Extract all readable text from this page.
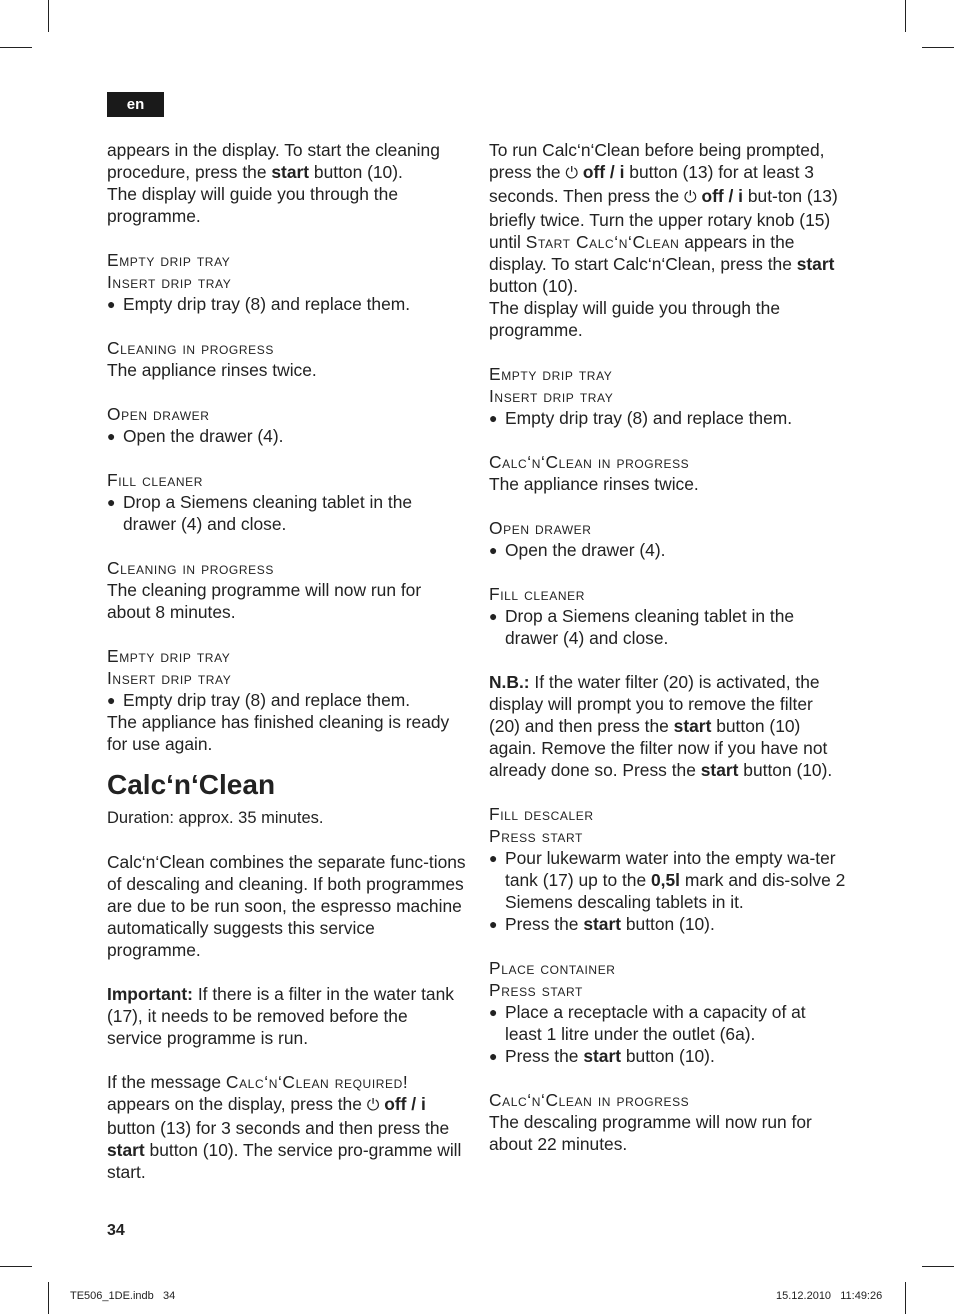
en

appears in the display. To start the cleaning procedure, press the start button (10).

The display will guide you through the programme.

Empty drip tray

Insert drip tray

● Empty drip tray (8) and replace them.

Cleaning in progress

The appliance rinses twice.

Open drawer

● Open the drawer (4).

Fill cleaner

● Drop a Siemens cleaning tablet in the drawer (4) and close.

Cleaning in progress

The cleaning programme will now run for about 8 minutes.

Empty drip tray

Insert drip tray

● Empty drip tray (8) and replace them.

The appliance has finished cleaning is ready for use again.

Calc‘n‘Clean

Duration: approx. 35 minutes.

Calc‘n‘Clean combines the separate func-tions of descaling and cleaning. If both programmes are due to be run soon, the espresso machine automatically suggests this service programme.

Important: If there is a filter in the water tank (17), it needs to be removed before the service programme is run.

If the message Calc‘n‘Clean required! appears on the display, press the ⏻ off / i button (13) for 3 seconds and then press the start button (10). The service pro-gramme will start.

To run Calc‘n‘Clean before being prompted, press the ⏻ off / i button (13) for at least 3 seconds. Then press the ⏻ off / i but-ton (13) briefly twice. Turn the upper rotary knob (15) until Start Calc‘n‘Clean appears in the display. To start Calc‘n‘Clean, press the start button (10).

The display will guide you through the programme.

Empty drip tray

Insert drip tray

● Empty drip tray (8) and replace them.

Calc‘n‘Clean in progress

The appliance rinses twice.

Open drawer

● Open the drawer (4).

Fill cleaner

● Drop a Siemens cleaning tablet in the drawer (4) and close.

N.B.: If the water filter (20) is activated, the display will prompt you to remove the filter (20) and then press the start button (10) again. Remove the filter now if you have not already done so. Press the start button (10).

Fill descaler

Press start

● Pour lukewarm water into the empty wa-ter tank (17) up to the 0,5l mark and dis-solve 2 Siemens descaling tablets in it.

● Press the start button (10).

Place container

Press start

● Place a receptacle with a capacity of at least 1 litre under the outlet (6a).

● Press the start button (10).

Calc‘n‘Clean in progress

The descaling programme will now run for about 22 minutes.

34
TE506_1DE.indb   34	15.12.2010   11:49:26
